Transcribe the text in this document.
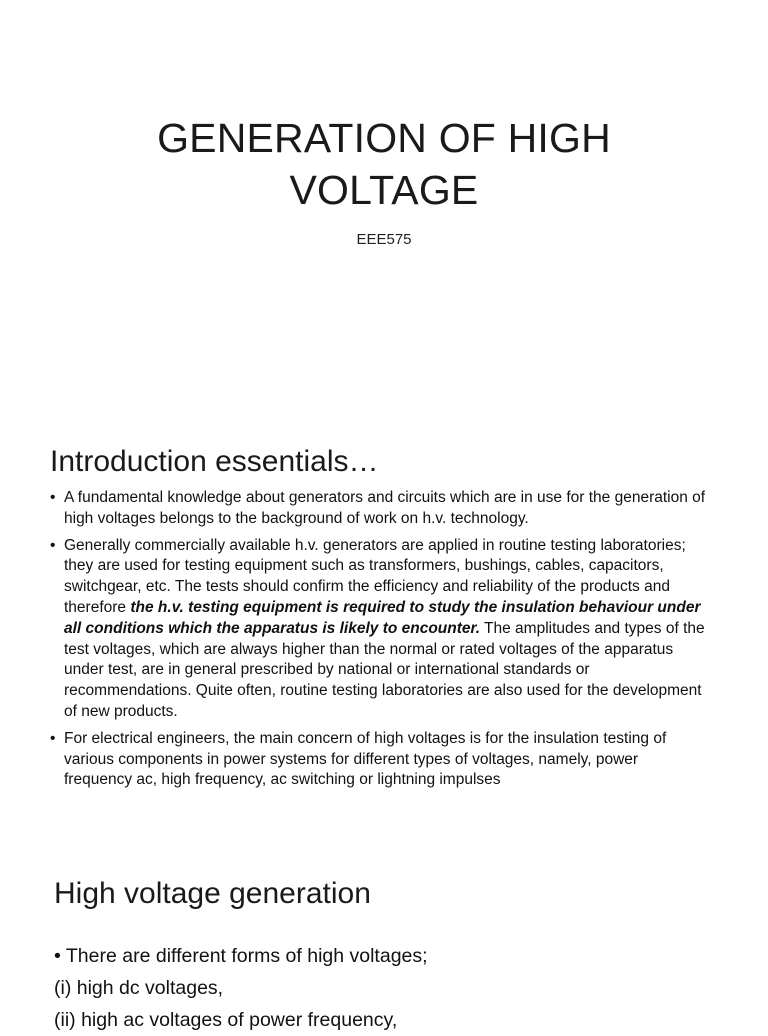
GENERATION OF HIGH
VOLTAGE
EEE575
Introduction essentials…
• A fundamental knowledge about generators and circuits which are in use for the generation of high voltages belongs to the background of work on h.v. technology.
• Generally commercially available h.v. generators are applied in routine testing laboratories; they are used for testing equipment such as transformers, bushings, cables, capacitors, switchgear, etc. The tests should confirm the efficiency and reliability of the products and therefore the h.v. testing equipment is required to study the insulation behaviour under all conditions which the apparatus is likely to encounter. The amplitudes and types of the test voltages, which are always higher than the normal or rated voltages of the apparatus under test, are in general prescribed by national or international standards or recommendations. Quite often, routine testing laboratories are also used for the development of new products.
• For electrical engineers, the main concern of high voltages is for the insulation testing of various components in power systems for different types of voltages, namely, power frequency ac, high frequency, ac switching or lightning impulses
High voltage generation
• There are different forms of high voltages;
(i) high dc voltages,
(ii) high ac voltages of power frequency,
